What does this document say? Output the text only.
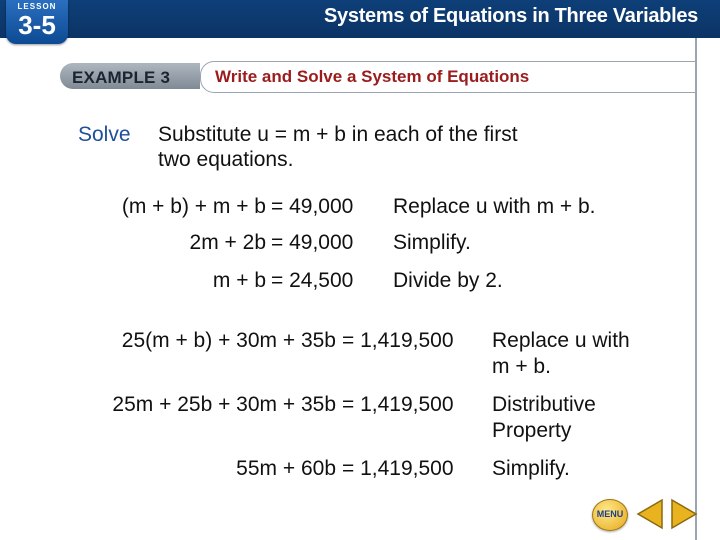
LESSON
3-5	Systems of Equations in Three Variables
EXAMPLE 3	Write and Solve a System of Equations
Solve Substitute u = m + b in each of the first
two equations.
(m + b) + m + b = 49,000 Replace u with m + b.
2m + 2b = 49,000 Simplify.
m + b = 24,500 Divide by 2.
25(m + b) + 30m + 35b = 1,419,500 Replace u with
m + b.
25m + 25b + 30m + 35b = 1,419,500 Distributive
Property
55m + 60b = 1,419,500 Simplify.
MENU
